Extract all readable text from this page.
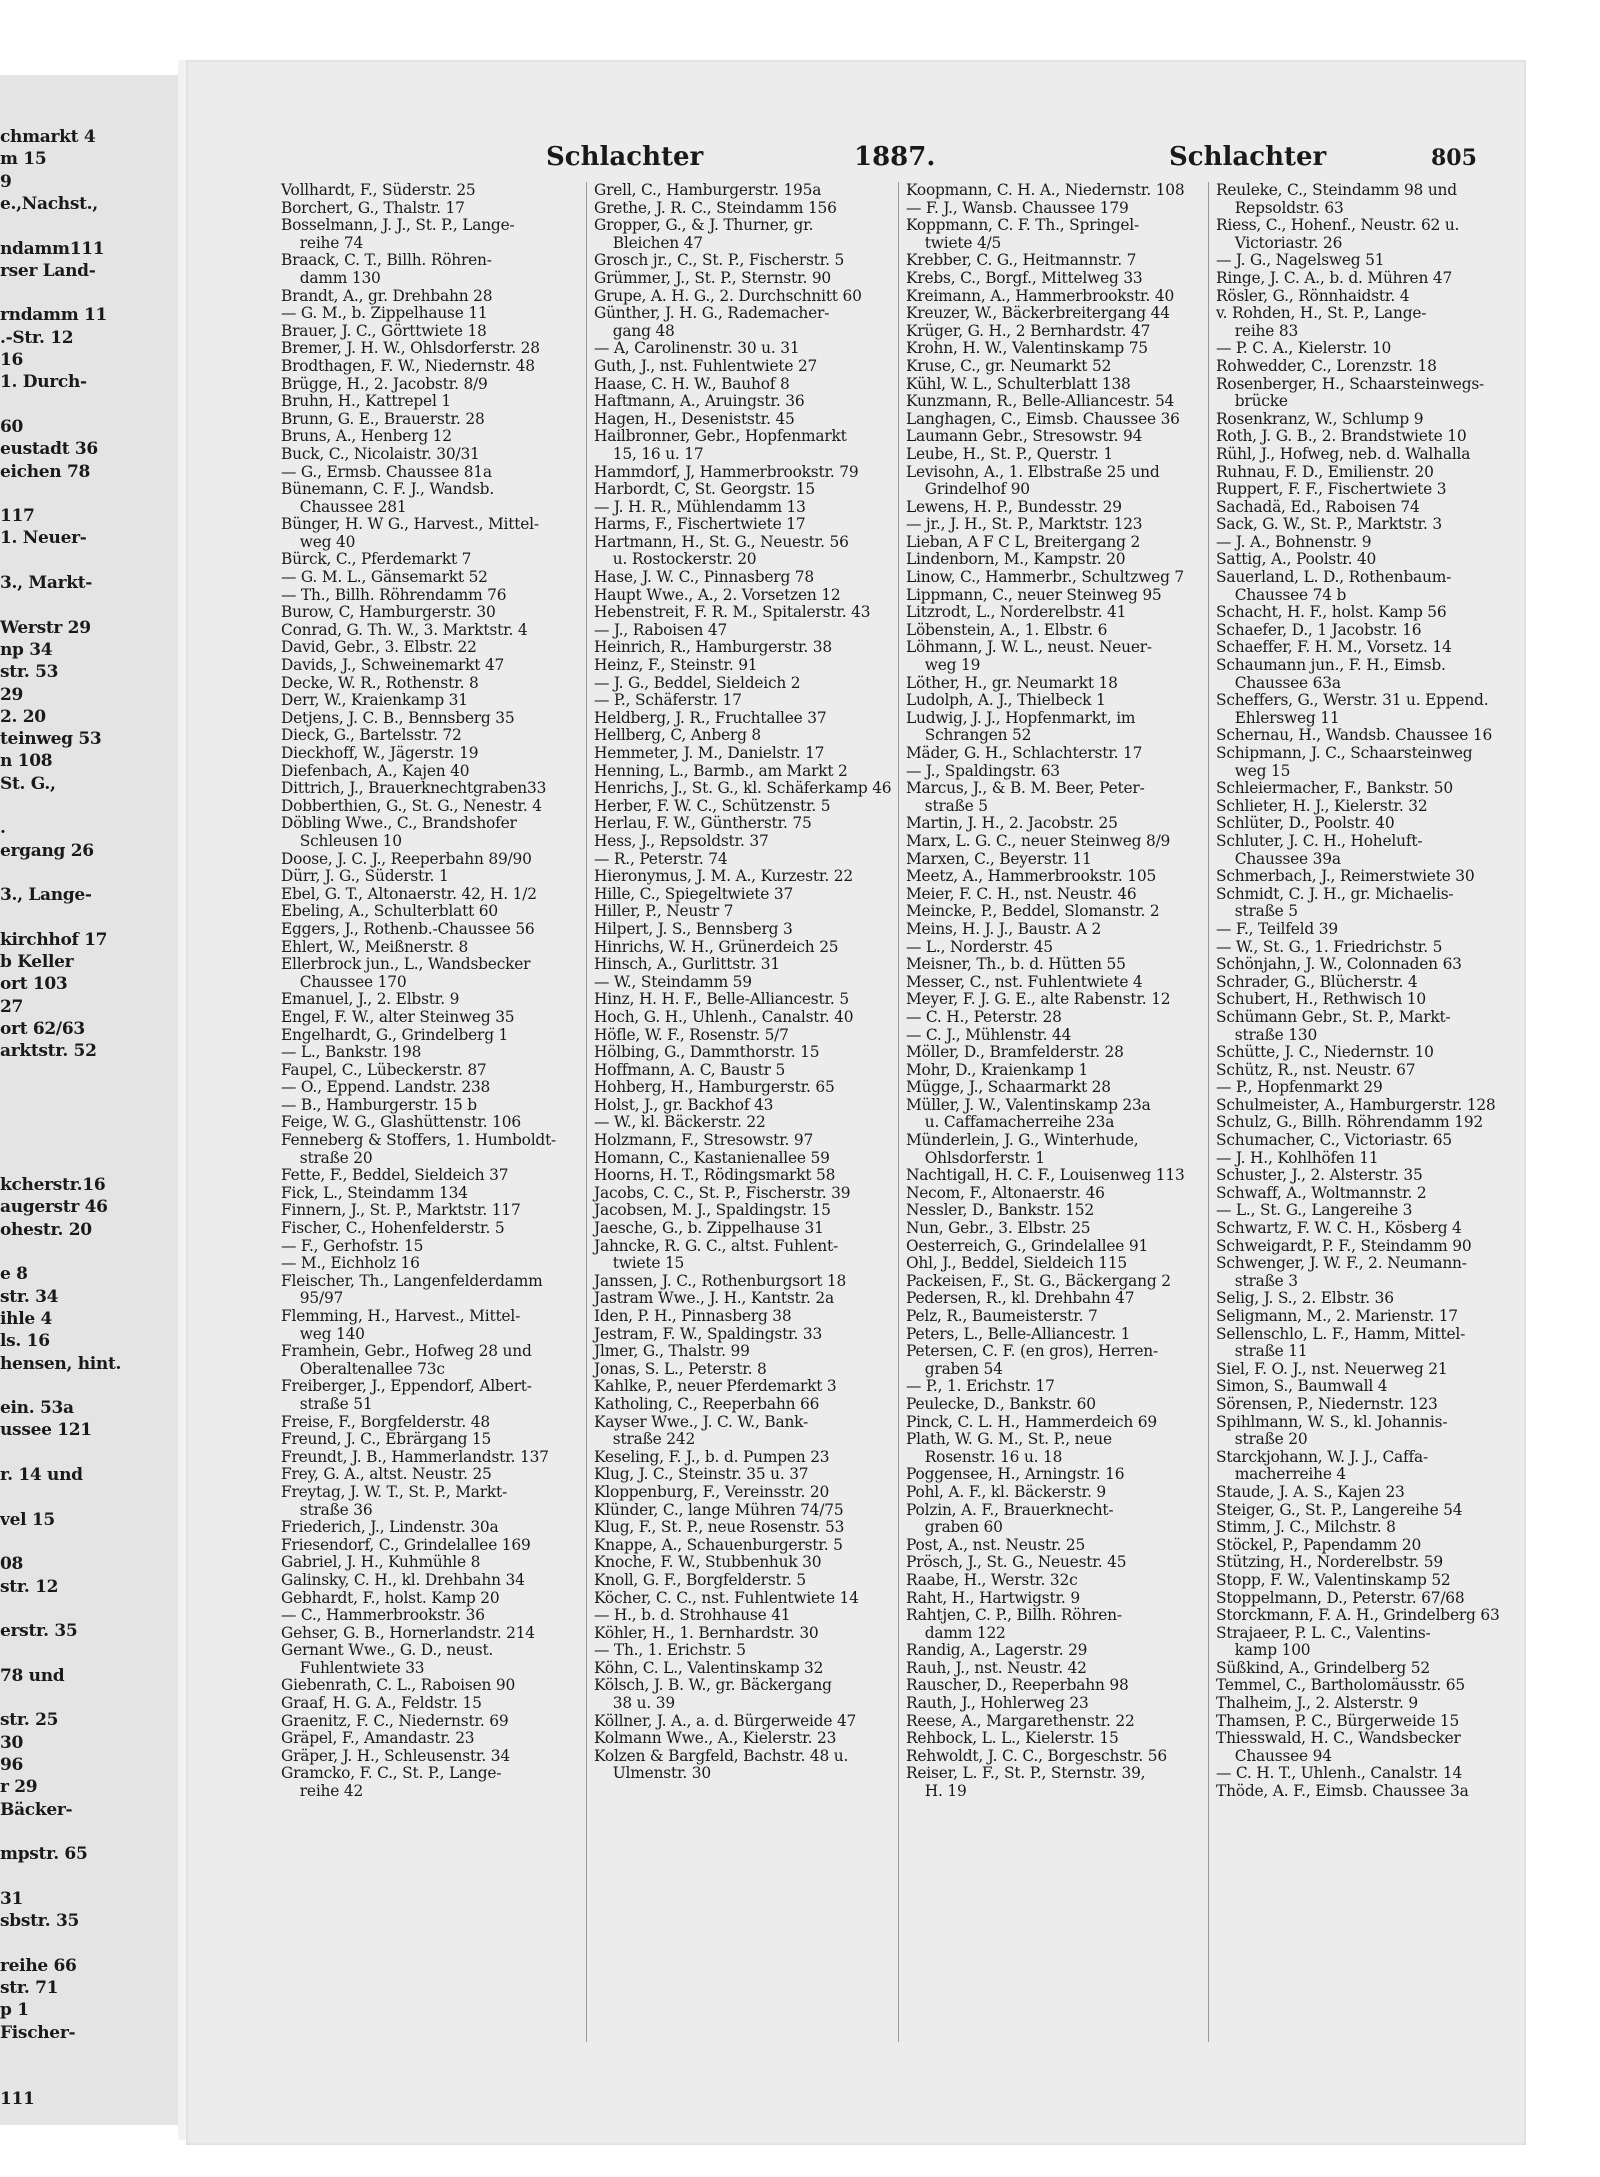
chmarkt 4
m 15
9
e.,Nachst.,
ndamm111
rser Land-
rndamm 11
.-Str. 12
16
1. Durch-
60
eustadt 36
eichen 78
117
1. Neuer-
3., Markt-
Werstr 29
np 34
str. 53
29
2. 20
teinweg 53
n 108
St. G.,
.
ergang 26
3., Lange-
kirchhof 17
b Keller
ort 103
27
ort 62/63
arktstr. 52
kcherstr.16
augerstr 46
ohestr. 20
e 8
str. 34
ihle 4
ls. 16
hensen, hint.
ein. 53a
ussee 121
r. 14 und
vel 15
08
str. 12
erstr. 35
78 und
str. 25
30
96
r 29
Bäcker-
mpstr. 65
31
sbstr. 35
reihe 66
str. 71
p 1
Fischer-
111
Schlachter	1887.	Schlachter	805
Vollhardt, F., Süderstr. 25
Borchert, G., Thalstr. 17
Bosselmann, J. J., St. P., Lange-
reihe 74
Braack, C. T., Billh. Röhren-
damm 130
Brandt, A., gr. Drehbahn 28
— G. M., b. Zippelhause 11
Brauer, J. C., Görttwiete 18
Bremer, J. H. W., Ohlsdorferstr. 28
Brodthagen, F. W., Niedernstr. 48
Brügge, H., 2. Jacobstr. 8/9
Bruhn, H., Kattrepel 1
Brunn, G. E., Brauerstr. 28
Bruns, A., Henberg 12
Buck, C., Nicolaistr. 30/31
— G., Ermsb. Chaussee 81a
Bünemann, C. F. J., Wandsb.
Chaussee 281
Bünger, H. W G., Harvest., Mittel-
weg 40
Bürck, C., Pferdemarkt 7
— G. M. L., Gänsemarkt 52
— Th., Billh. Röhrendamm 76
Burow, C, Hamburgerstr. 30
Conrad, G. Th. W., 3. Marktstr. 4
David, Gebr., 3. Elbstr. 22
Davids, J., Schweinemarkt 47
Decke, W. R., Rothenstr. 8
Derr, W., Kraienkamp 31
Detjens, J. C. B., Bennsberg 35
Dieck, G., Bartelsstr. 72
Dieckhoff, W., Jägerstr. 19
Diefenbach, A., Kajen 40
Dittrich, J., Brauerknechtgraben33
Dobberthien, G., St. G., Nenestr. 4
Döbling Wwe., C., Brandshofer
Schleusen 10
Doose, J. C. J., Reeperbahn 89/90
Dürr, J. G., Süderstr. 1
Ebel, G. T., Altonaerstr. 42, H. 1/2
Ebeling, A., Schulterblatt 60
Eggers, J., Rothenb.-Chaussee 56
Ehlert, W., Meißnerstr. 8
Ellerbrock jun., L., Wandsbecker
Chaussee 170
Emanuel, J., 2. Elbstr. 9
Engel, F. W., alter Steinweg 35
Engelhardt, G., Grindelberg 1
— L., Bankstr. 198
Faupel, C., Lübeckerstr. 87
— O., Eppend. Landstr. 238
— B., Hamburgerstr. 15 b
Feige, W. G., Glashüttenstr. 106
Fenneberg & Stoffers, 1. Humboldt-
straße 20
Fette, F., Beddel, Sieldeich 37
Fick, L., Steindamm 134
Finnern, J., St. P., Marktstr. 117
Fischer, C., Hohenfelderstr. 5
— F., Gerhofstr. 15
— M., Eichholz 16
Fleischer, Th., Langenfelderdamm
95/97
Flemming, H., Harvest., Mittel-
weg 140
Framhein, Gebr., Hofweg 28 und
Oberaltenallee 73c
Freiberger, J., Eppendorf, Albert-
straße 51
Freise, F., Borgfelderstr. 48
Freund, J. C., Ebrärgang 15
Freundt, J. B., Hammerlandstr. 137
Frey, G. A., altst. Neustr. 25
Freytag, J. W. T., St. P., Markt-
straße 36
Friederich, J., Lindenstr. 30a
Friesendorf, C., Grindelallee 169
Gabriel, J. H., Kuhmühle 8
Galinsky, C. H., kl. Drehbahn 34
Gebhardt, F., holst. Kamp 20
— C., Hammerbrookstr. 36
Gehser, G. B., Hornerlandstr. 214
Gernant Wwe., G. D., neust.
Fuhlentwiete 33
Giebenrath, C. L., Raboisen 90
Graaf, H. G. A., Feldstr. 15
Graenitz, F. C., Niedernstr. 69
Gräpel, F., Amandastr. 23
Gräper, J. H., Schleusenstr. 34
Gramcko, F. C., St. P., Lange-
reihe 42
Grell, C., Hamburgerstr. 195a
Grethe, J. R. C., Steindamm 156
Gropper, G., & J. Thurner, gr.
Bleichen 47
Grosch jr., C., St. P., Fischerstr. 5
Grümmer, J., St. P., Sternstr. 90
Grupe, A. H. G., 2. Durchschnitt 60
Günther, J. H. G., Rademacher-
gang 48
— A, Carolinenstr. 30 u. 31
Guth, J., nst. Fuhlentwiete 27
Haase, C. H. W., Bauhof 8
Haftmann, A., Aruingstr. 36
Hagen, H., Deseniststr. 45
Hailbronner, Gebr., Hopfenmarkt
15, 16 u. 17
Hammdorf, J, Hammerbrookstr. 79
Harbordt, C, St. Georgstr. 15
— J. H. R., Mühlendamm 13
Harms, F., Fischertwiete 17
Hartmann, H., St. G., Neuestr. 56
u. Rostockerstr. 20
Hase, J. W. C., Pinnasberg 78
Haupt Wwe., A., 2. Vorsetzen 12
Hebenstreit, F. R. M., Spitalerstr. 43
— J., Raboisen 47
Heinrich, R., Hamburgerstr. 38
Heinz, F., Steinstr. 91
— J. G., Beddel, Sieldeich 2
— P., Schäferstr. 17
Heldberg, J. R., Fruchtallee 37
Hellberg, C, Anberg 8
Hemmeter, J. M., Danielstr. 17
Henning, L., Barmb., am Markt 2
Henrichs, J., St. G., kl. Schäferkamp 46
Herber, F. W. C., Schützenstr. 5
Herlau, F. W., Güntherstr. 75
Hess, J., Repsoldstr. 37
— R., Peterstr. 74
Hieronymus, J. M. A., Kurzestr. 22
Hille, C., Spiegeltwiete 37
Hiller, P., Neustr 7
Hilpert, J. S., Bennsberg 3
Hinrichs, W. H., Grünerdeich 25
Hinsch, A., Gurlittstr. 31
— W., Steindamm 59
Hinz, H. H. F., Belle-Alliancestr. 5
Hoch, G. H., Uhlenh., Canalstr. 40
Höfle, W. F., Rosenstr. 5/7
Hölbing, G., Dammthorstr. 15
Hoffmann, A. C, Baustr 5
Hohberg, H., Hamburgerstr. 65
Holst, J., gr. Backhof 43
— W., kl. Bäckerstr. 22
Holzmann, F., Stresowstr. 97
Homann, C., Kastanienallee 59
Hoorns, H. T., Rödingsmarkt 58
Jacobs, C. C., St. P., Fischerstr. 39
Jacobsen, M. J., Spaldingstr. 15
Jaesche, G., b. Zippelhause 31
Jahncke, R. G. C., altst. Fuhlent-
twiete 15
Janssen, J. C., Rothenburgsort 18
Jastram Wwe., J. H., Kantstr. 2a
Iden, P. H., Pinnasberg 38
Jestram, F. W., Spaldingstr. 33
Jlmer, G., Thalstr. 99
Jonas, S. L., Peterstr. 8
Kahlke, P., neuer Pferdemarkt 3
Katholing, C., Reeperbahn 66
Kayser Wwe., J. C. W., Bank-
straße 242
Keseling, F. J., b. d. Pumpen 23
Klug, J. C., Steinstr. 35 u. 37
Kloppenburg, F., Vereinsstr. 20
Klünder, C., lange Mühren 74/75
Klug, F., St. P., neue Rosenstr. 53
Knappe, A., Schauenburgerstr. 5
Knoche, F. W., Stubbenhuk 30
Knoll, G. F., Borgfelderstr. 5
Köcher, C. C., nst. Fuhlentwiete 14
— H., b. d. Strohhause 41
Köhler, H., 1. Bernhardstr. 30
— Th., 1. Erichstr. 5
Köhn, C. L., Valentinskamp 32
Kölsch, J. B. W., gr. Bäckergang
38 u. 39
Köllner, J. A., a. d. Bürgerweide 47
Kolmann Wwe., A., Kielerstr. 23
Kolzen & Bargfeld, Bachstr. 48 u.
Ulmenstr. 30
Koopmann, C. H. A., Niedernstr. 108
— F. J., Wansb. Chaussee 179
Koppmann, C. F. Th., Springel-
twiete 4/5
Krebber, C. G., Heitmannstr. 7
Krebs, C., Borgf., Mittelweg 33
Kreimann, A., Hammerbrookstr. 40
Kreuzer, W., Bäckerbreitergang 44
Krüger, G. H., 2 Bernhardstr. 47
Krohn, H. W., Valentinskamp 75
Kruse, C., gr. Neumarkt 52
Kühl, W. L., Schulterblatt 138
Kunzmann, R., Belle-Alliancestr. 54
Langhagen, C., Eimsb. Chaussee 36
Laumann Gebr., Stresowstr. 94
Leube, H., St. P., Querstr. 1
Levisohn, A., 1. Elbstraße 25 und
Grindelhof 90
Lewens, H. P., Bundesstr. 29
— jr., J. H., St. P., Marktstr. 123
Lieban, A F C L, Breitergang 2
Lindenborn, M., Kampstr. 20
Linow, C., Hammerbr., Schultzweg 7
Lippmann, C., neuer Steinweg 95
Litzrodt, L., Norderelbstr. 41
Löbenstein, A., 1. Elbstr. 6
Löhmann, J. W. L., neust. Neuer-
weg 19
Löther, H., gr. Neumarkt 18
Ludolph, A. J., Thielbeck 1
Ludwig, J. J., Hopfenmarkt, im
Schrangen 52
Mäder, G. H., Schlachterstr. 17
— J., Spaldingstr. 63
Marcus, J., & B. M. Beer, Peter-
straße 5
Martin, J. H., 2. Jacobstr. 25
Marx, L. G. C., neuer Steinweg 8/9
Marxen, C., Beyerstr. 11
Meetz, A., Hammerbrookstr. 105
Meier, F. C. H., nst. Neustr. 46
Meincke, P., Beddel, Slomanstr. 2
Meins, H. J. J., Baustr. A 2
— L., Norderstr. 45
Meisner, Th., b. d. Hütten 55
Messer, C., nst. Fuhlentwiete 4
Meyer, F. J. G. E., alte Rabenstr. 12
— C. H., Peterstr. 28
— C. J., Mühlenstr. 44
Möller, D., Bramfelderstr. 28
Mohr, D., Kraienkamp 1
Mügge, J., Schaarmarkt 28
Müller, J. W., Valentinskamp 23a
u. Caffamacherreihe 23a
Münderlein, J. G., Winterhude,
Ohlsdorferstr. 1
Nachtigall, H. C. F., Louisenweg 113
Necom, F., Altonaerstr. 46
Nessler, D., Bankstr. 152
Nun, Gebr., 3. Elbstr. 25
Oesterreich, G., Grindelallee 91
Ohl, J., Beddel, Sieldeich 115
Packeisen, F., St. G., Bäckergang 2
Pedersen, R., kl. Drehbahn 47
Pelz, R., Baumeisterstr. 7
Peters, L., Belle-Alliancestr. 1
Petersen, C. F. (en gros), Herren-
graben 54
— P., 1. Erichstr. 17
Peulecke, D., Bankstr. 60
Pinck, C. L. H., Hammerdeich 69
Plath, W. G. M., St. P., neue
Rosenstr. 16 u. 18
Poggensee, H., Arningstr. 16
Pohl, A. F., kl. Bäckerstr. 9
Polzin, A. F., Brauerknecht-
graben 60
Post, A., nst. Neustr. 25
Prösch, J., St. G., Neuestr. 45
Raabe, H., Werstr. 32c
Raht, H., Hartwigstr. 9
Rahtjen, C. P., Billh. Röhren-
damm 122
Randig, A., Lagerstr. 29
Rauh, J., nst. Neustr. 42
Rauscher, D., Reeperbahn 98
Rauth, J., Hohlerweg 23
Reese, A., Margarethenstr. 22
Rehbock, L. L., Kielerstr. 15
Rehwoldt, J. C. C., Borgeschstr. 56
Reiser, L. F., St. P., Sternstr. 39,
H. 19
Reuleke, C., Steindamm 98 und
Repsoldstr. 63
Riess, C., Hohenf., Neustr. 62 u.
Victoriastr. 26
— J. G., Nagelsweg 51
Ringe, J. C. A., b. d. Mühren 47
Rösler, G., Rönnhaidstr. 4
v. Rohden, H., St. P., Lange-
reihe 83
— P. C. A., Kielerstr. 10
Rohwedder, C., Lorenzstr. 18
Rosenberger, H., Schaarsteinwegs-
brücke
Rosenkranz, W., Schlump 9
Roth, J. G. B., 2. Brandstwiete 10
Rühl, J., Hofweg, neb. d. Walhalla
Ruhnau, F. D., Emilienstr. 20
Ruppert, F. F., Fischertwiete 3
Sachadä, Ed., Raboisen 74
Sack, G. W., St. P., Marktstr. 3
— J. A., Bohnenstr. 9
Sattig, A., Poolstr. 40
Sauerland, L. D., Rothenbaum-
Chaussee 74 b
Schacht, H. F., holst. Kamp 56
Schaefer, D., 1 Jacobstr. 16
Schaeffer, F. H. M., Vorsetz. 14
Schaumann jun., F. H., Eimsb.
Chaussee 63a
Scheffers, G., Werstr. 31 u. Eppend.
Ehlersweg 11
Schernau, H., Wandsb. Chaussee 16
Schipmann, J. C., Schaarsteinweg
weg 15
Schleiermacher, F., Bankstr. 50
Schlieter, H. J., Kielerstr. 32
Schlüter, D., Poolstr. 40
Schluter, J. C. H., Hoheluft-
Chaussee 39a
Schmerbach, J., Reimerstwiete 30
Schmidt, C. J. H., gr. Michaelis-
straße 5
— F., Teilfeld 39
— W., St. G., 1. Friedrichstr. 5
Schönjahn, J. W., Colonnaden 63
Schrader, G., Blücherstr. 4
Schubert, H., Rethwisch 10
Schümann Gebr., St. P., Markt-
straße 130
Schütte, J. C., Niedernstr. 10
Schütz, R., nst. Neustr. 67
— P., Hopfenmarkt 29
Schulmeister, A., Hamburgerstr. 128
Schulz, G., Billh. Röhrendamm 192
Schumacher, C., Victoriastr. 65
— J. H., Kohlhöfen 11
Schuster, J., 2. Alsterstr. 35
Schwaff, A., Woltmannstr. 2
— L., St. G., Langereihe 3
Schwartz, F. W. C. H., Kösberg 4
Schweigardt, P. F., Steindamm 90
Schwenger, J. W. F., 2. Neumann-
straße 3
Selig, J. S., 2. Elbstr. 36
Seligmann, M., 2. Marienstr. 17
Sellenschlo, L. F., Hamm, Mittel-
straße 11
Siel, F. O. J., nst. Neuerweg 21
Simon, S., Baumwall 4
Sörensen, P., Niedernstr. 123
Spihlmann, W. S., kl. Johannis-
straße 20
Starckjohann, W. J. J., Caffa-
macherreihe 4
Staude, J. A. S., Kajen 23
Steiger, G., St. P., Langereihe 54
Stimm, J. C., Milchstr. 8
Stöckel, P., Papendamm 20
Stützing, H., Norderelbstr. 59
Stopp, F. W., Valentinskamp 52
Stoppelmann, D., Peterstr. 67/68
Storckmann, F. A. H., Grindelberg 63
Strajaeer, P. L. C., Valentins-
kamp 100
Süßkind, A., Grindelberg 52
Temmel, C., Bartholomäusstr. 65
Thalheim, J., 2. Alsterstr. 9
Thamsen, P. C., Bürgerweide 15
Thiesswald, H. C., Wandsbecker
Chaussee 94
— C. H. T., Uhlenh., Canalstr. 14
Thöde, A. F., Eimsb. Chaussee 3a
